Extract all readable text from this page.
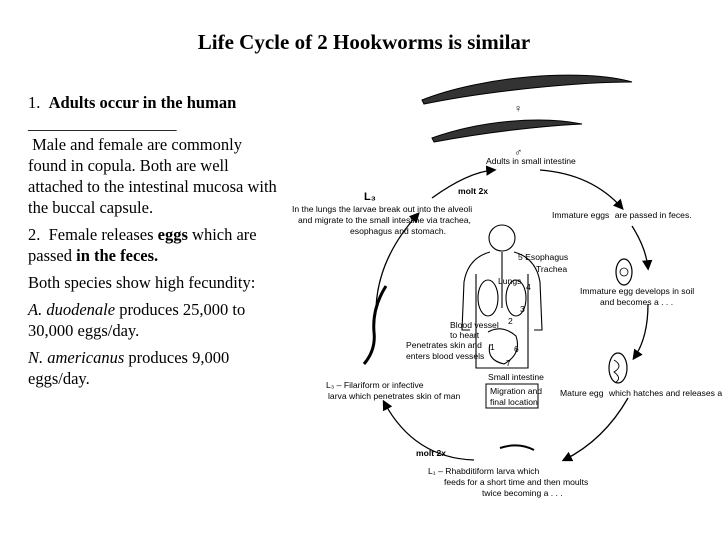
Life Cycle of 2 Hookworms is similar

1. Adults occur in the human __________________
Male and female are commonly found in copula. Both are well attached to the intestinal mucosa with the buccal capsule.

2. Female releases eggs which are passed in the feces.

Both species show high fecundity:

A. duodenale produces 25,000 to 30,000 eggs/day.

N. americanus produces 9,000 eggs/day.

♀
♂
Adults in small intestine
molt 2x
L₃
In the lungs the larvae break out into the alveoli
and migrate to the small intestine via trachea,
esophagus and stomach.
Immature eggs are passed in feces.
Immature egg develops in soil
and becomes a . . .
Mature egg which hatches and releases a
molt 2x
L₁ – Rhabditiform larva which
feeds for a short time and then moults
twice becoming a . . .
L₃ – Filariform or infective
larva which penetrates skin of man
5 Esophagus
Trachea
Lungs
Blood vessel
to heart
Penetrates skin and
enters blood vessels
Small intestine
Migration and
final location
1
2
3
4
6
7
